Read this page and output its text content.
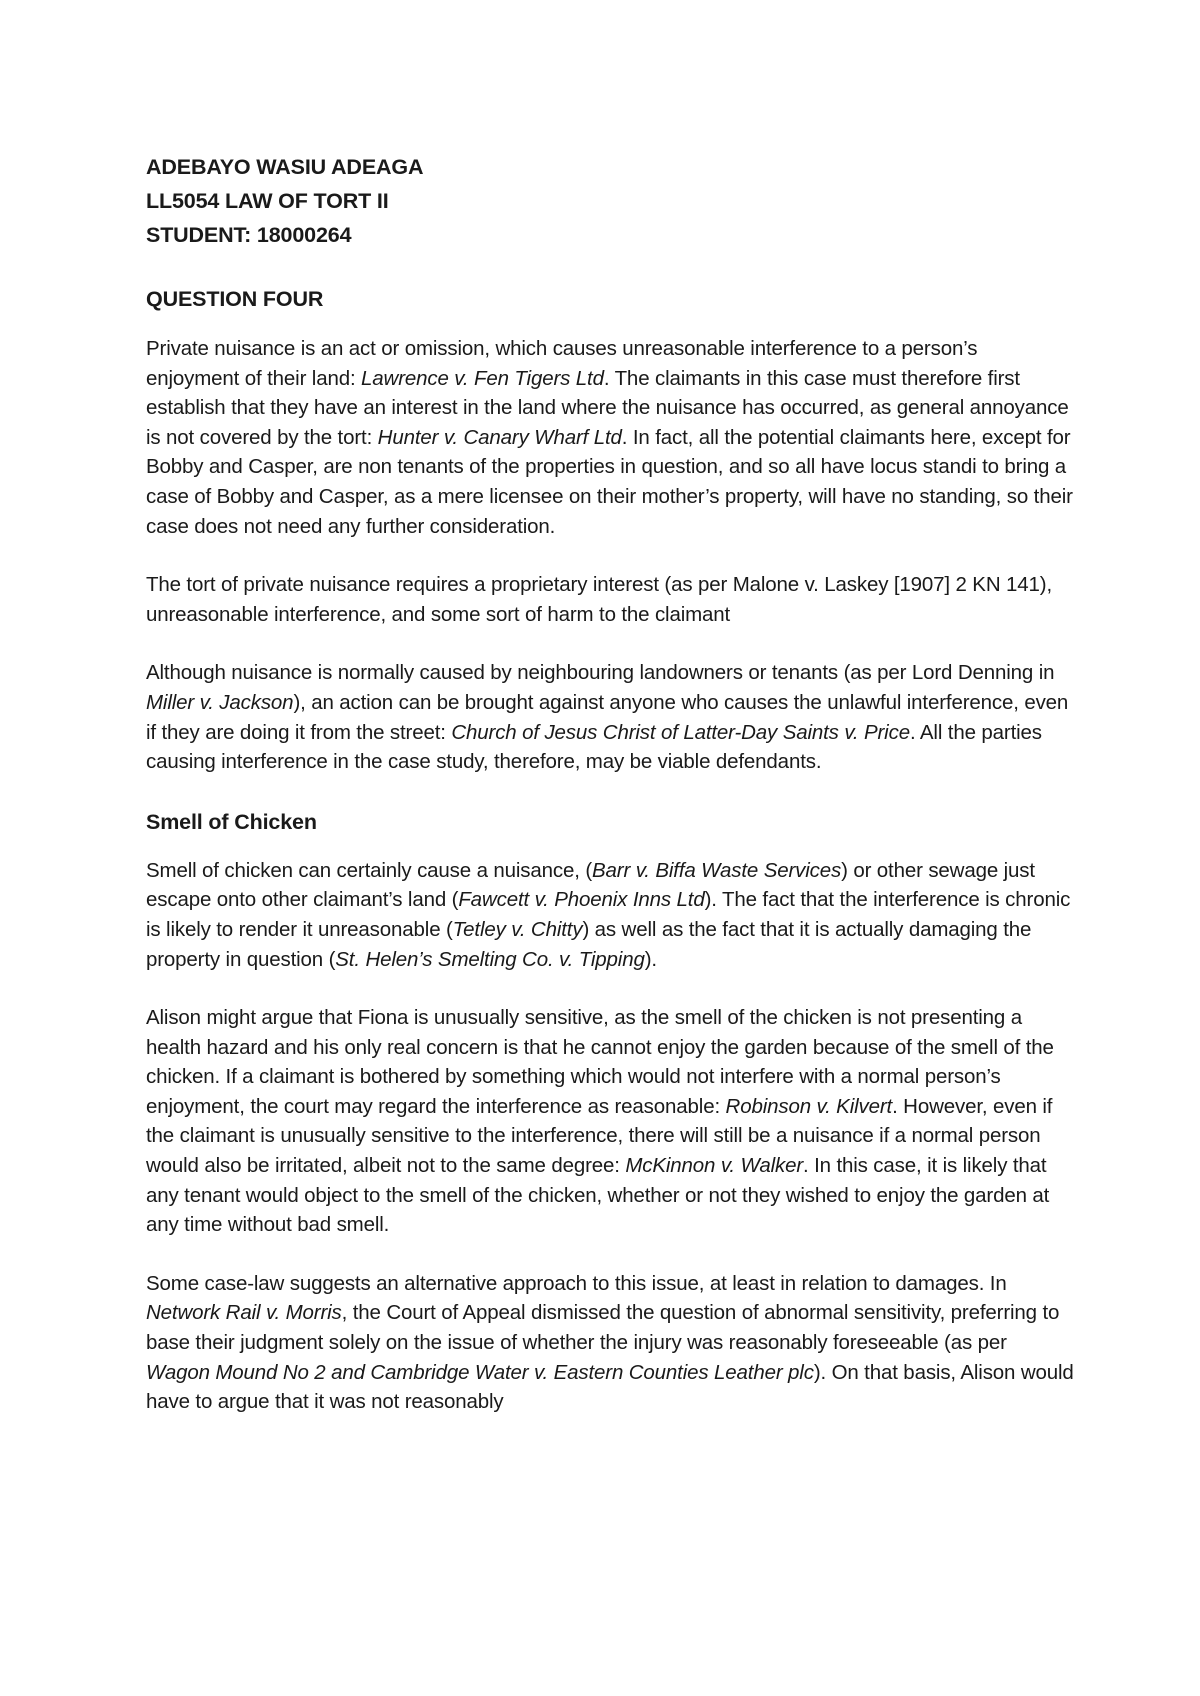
ADEBAYO WASIU ADEAGA
LL5054 LAW OF TORT II
STUDENT: 18000264
QUESTION FOUR

Private nuisance is an act or omission, which causes unreasonable interference to a person’s enjoyment of their land: Lawrence v. Fen Tigers Ltd. The claimants in this case must therefore first establish that they have an interest in the land where the nuisance has occurred, as general annoyance is not covered by the tort: Hunter v. Canary Wharf Ltd. In fact, all the potential claimants here, except for Bobby and Casper, are non tenants of the properties in question, and so all have locus standi to bring a case of Bobby and Casper, as a mere licensee on their mother’s property, will have no standing, so their case does not need any further consideration.

The tort of private nuisance requires a proprietary interest (as per Malone v. Laskey [1907] 2 KN 141), unreasonable interference, and some sort of harm to the claimant

Although nuisance is normally caused by neighbouring landowners or tenants (as per Lord Denning in Miller v. Jackson), an action can be brought against anyone who causes the unlawful interference, even if they are doing it from the street: Church of Jesus Christ of Latter-Day Saints v. Price. All the parties causing interference in the case study, therefore, may be viable defendants.

Smell of Chicken

Smell of chicken can certainly cause a nuisance, (Barr v. Biffa Waste Services) or other sewage just escape onto other claimant’s land (Fawcett v. Phoenix Inns Ltd). The fact that the interference is chronic is likely to render it unreasonable (Tetley v. Chitty) as well as the fact that it is actually damaging the property in question (St. Helen’s Smelting Co. v. Tipping).

Alison might argue that Fiona is unusually sensitive, as the smell of the chicken is not presenting a health hazard and his only real concern is that he cannot enjoy the garden because of the smell of the chicken. If a claimant is bothered by something which would not interfere with a normal person’s enjoyment, the court may regard the interference as reasonable: Robinson v. Kilvert. However, even if the claimant is unusually sensitive to the interference, there will still be a nuisance if a normal person would also be irritated, albeit not to the same degree: McKinnon v. Walker. In this case, it is likely that any tenant would object to the smell of the chicken, whether or not they wished to enjoy the garden at any time without bad smell.

Some case-law suggests an alternative approach to this issue, at least in relation to damages. In Network Rail v. Morris, the Court of Appeal dismissed the question of abnormal sensitivity, preferring to base their judgment solely on the issue of whether the injury was reasonably foreseeable (as per Wagon Mound No 2 and Cambridge Water v. Eastern Counties Leather plc). On that basis, Alison would have to argue that it was not reasonably
